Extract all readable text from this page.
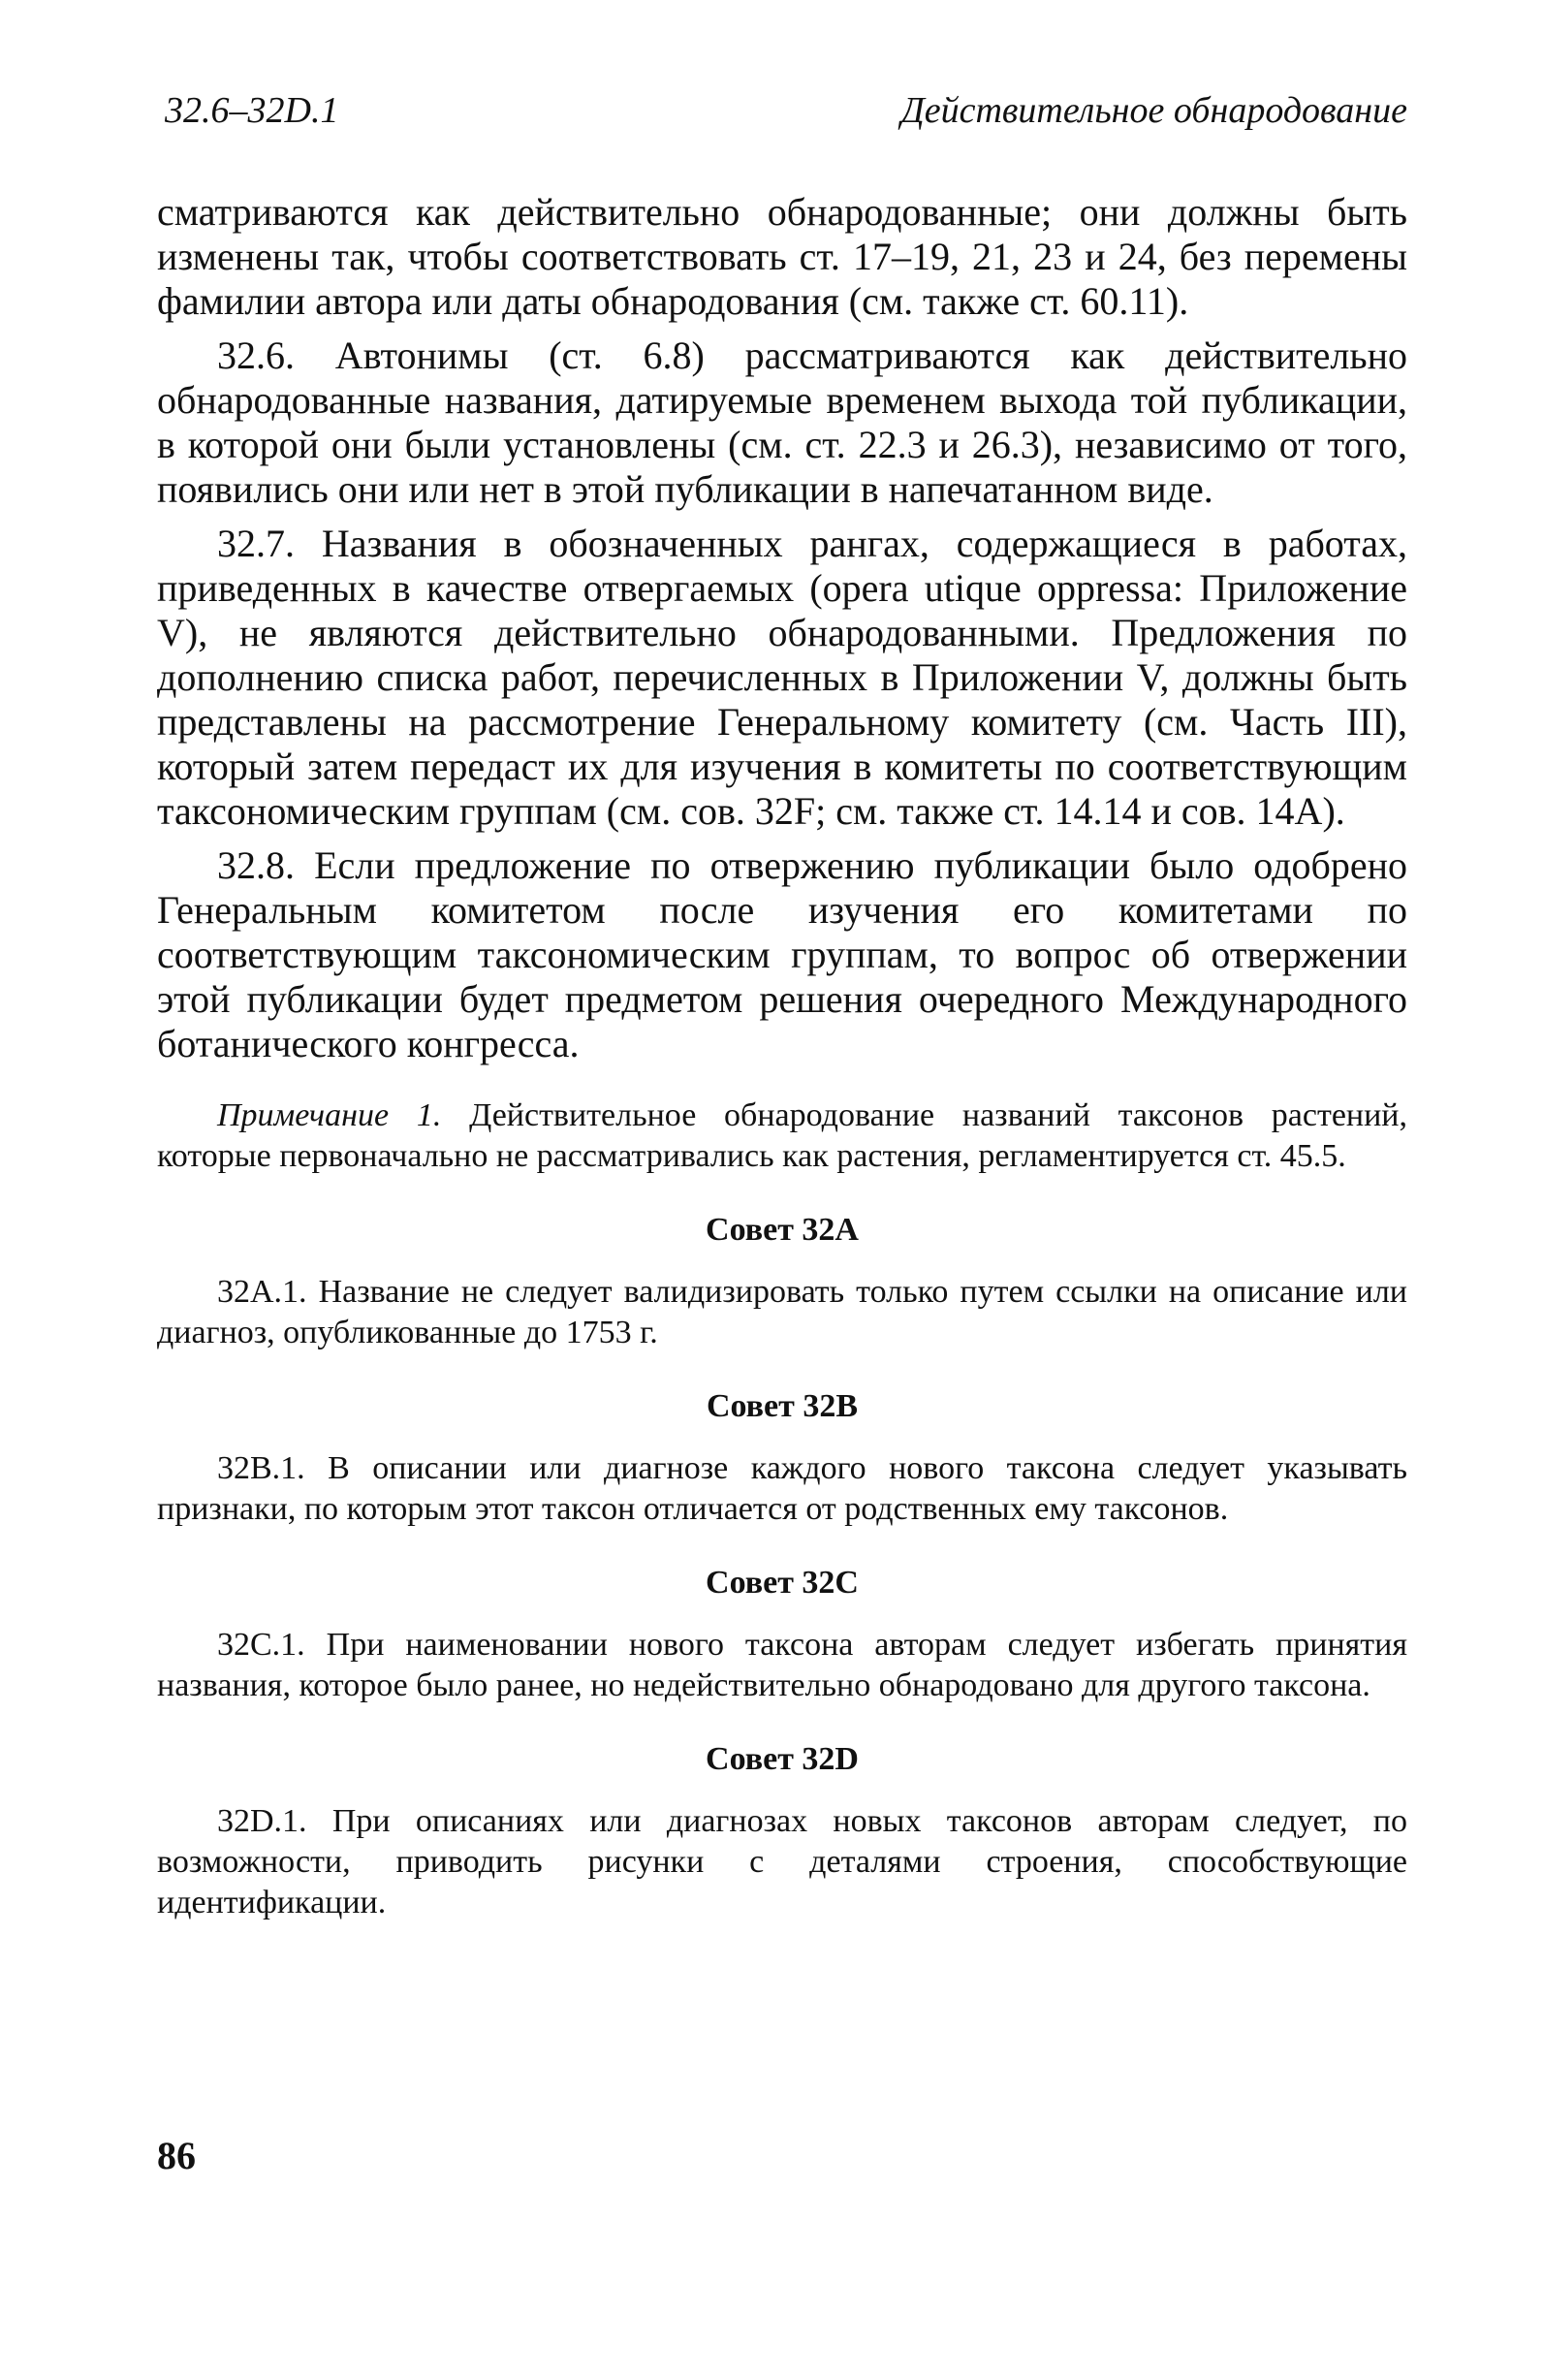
32.6–32D.1	Действительное обнародование

сматриваются как действительно обнародованные; они должны быть изменены так, чтобы соответствовать ст. 17–19, 21, 23 и 24, без перемены фамилии автора или даты обнародования (см. также ст. 60.11).

32.6. Автонимы (ст. 6.8) рассматриваются как действительно обнародованные названия, датируемые временем выхода той публикации, в которой они были установлены (см. ст. 22.3 и 26.3), независимо от того, появились они или нет в этой публикации в напечатанном виде.

32.7. Названия в обозначенных рангах, содержащиеся в работах, приведенных в качестве отвергаемых (opera utique oppressa: Приложение V), не являются действительно обнародованными. Предложения по дополнению списка работ, перечисленных в Приложении V, должны быть представлены на рассмотрение Генеральному комитету (см. Часть III), который затем передаст их для изучения в комитеты по соответствующим таксономическим группам (см. сов. 32F; см. также ст. 14.14 и сов. 14А).

32.8. Если предложение по отвержению публикации было одобрено Генеральным комитетом после изучения его комитетами по соответствующим таксономическим группам, то вопрос об отвержении этой публикации будет предметом решения очередного Международного ботанического конгресса.

Примечание 1. Действительное обнародование названий таксонов растений, которые первоначально не рассматривались как растения, регламентируется ст. 45.5.

Совет 32А

32А.1. Название не следует валидизировать только путем ссылки на описание или диагноз, опубликованные до 1753 г.

Совет 32В

32В.1. В описании или диагнозе каждого нового таксона следует указывать признаки, по которым этот таксон отличается от родственных ему таксонов.

Совет 32С

32С.1. При наименовании нового таксона авторам следует избегать принятия названия, которое было ранее, но недействительно обнародовано для другого таксона.

Совет 32D

32D.1. При описаниях или диагнозах новых таксонов авторам следует, по возможности, приводить рисунки с деталями строения, способствующие идентификации.

86
